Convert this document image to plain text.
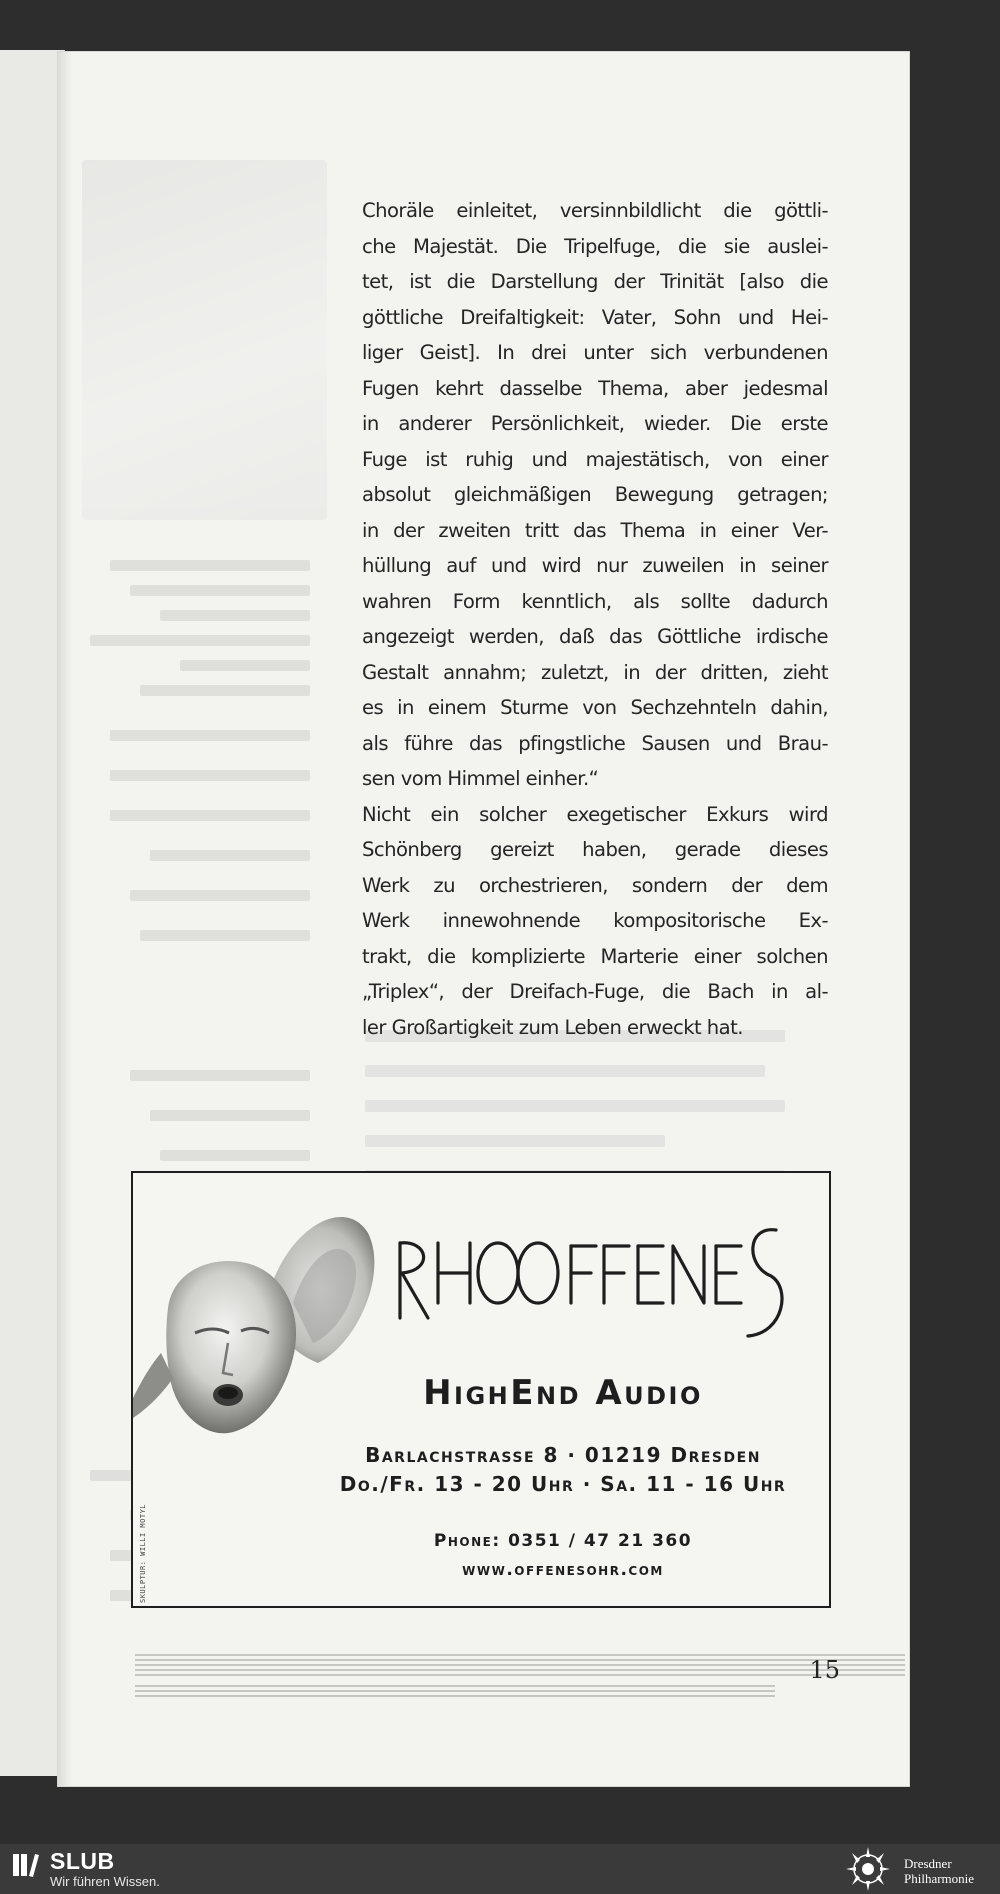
Choräle einleitet, versinnbildlicht die göttli-
che Majestät. Die Tripelfuge, die sie auslei-
tet, ist die Darstellung der Trinität [also die
göttliche Dreifaltigkeit: Vater, Sohn und Hei-
liger Geist]. In drei unter sich verbundenen
Fugen kehrt dasselbe Thema, aber jedesmal
in anderer Persönlichkeit, wieder. Die erste
Fuge ist ruhig und majestätisch, von einer
absolut gleichmäßigen Bewegung getragen;
in der zweiten tritt das Thema in einer Ver-
hüllung auf und wird nur zuweilen in seiner
wahren Form kenntlich, als sollte dadurch
angezeigt werden, daß das Göttliche irdische
Gestalt annahm; zuletzt, in der dritten, zieht
es in einem Sturme von Sechzehnteln dahin,
als führe das pfingstliche Sausen und Brau-
sen vom Himmel einher.“
Nicht ein solcher exegetischer Exkurs wird
Schönberg gereizt haben, gerade dieses
Werk zu orchestrieren, sondern der dem
Werk innewohnende kompositorische Ex-
trakt, die komplizierte Marterie einer solchen
„Triplex“, der Dreifach-Fuge, die Bach in al-
ler Großartigkeit zum Leben erweckt hat.

SKULPTUR: WILLI MOTYL
HighEnd Audio
Barlachstrasse 8 · 01219 Dresden
Do./Fr. 13 - 20 Uhr · Sa. 11 - 16 Uhr
Phone: 0351 / 47 21 360
www.offenesohr.com
15
SLUB
Wir führen Wissen.
Dresdner
Philharmonie
